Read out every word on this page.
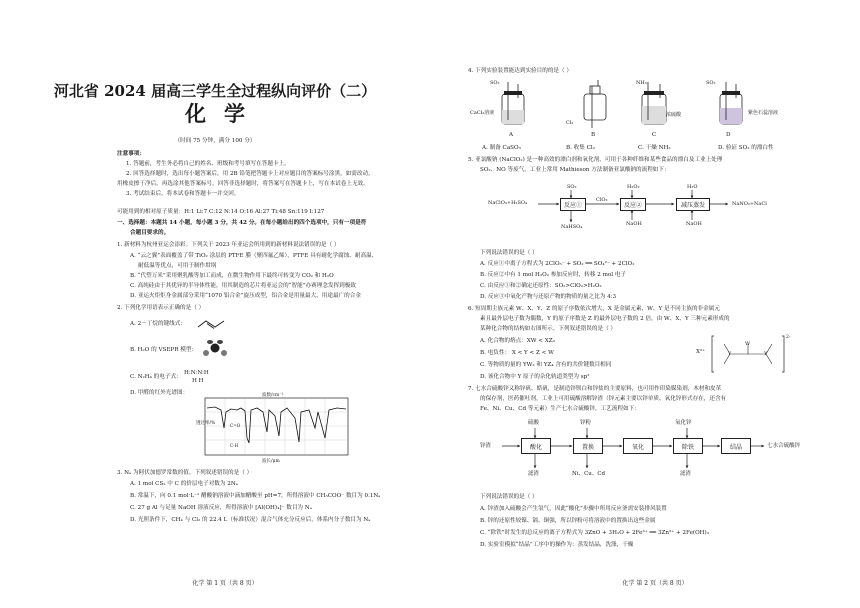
河北省 2024 届高三学生全过程纵向评价（二）
化学
（时间 75 分钟，满分 100 分）
注意事项：
1. 答题前，考生务必将自己的姓名、班级和考号填写在答题卡上。
2. 回答选择题时，选出每小题答案后，用 2B 铅笔把答题卡上对应题目的答案标号涂黑，如需改动，
用橡皮擦干净后，再选涂其他答案标号。回答非选择题时，将答案写在答题卡上，写在本试卷上无效。
3. 考试结束后，将本试卷和答题卡一并交回。
可能用到的相对原子质量：H:1 Li:7 C:12 N:14 O:16 Al:27 Ti:48 Sn:119 I:127
一、选择题：本题共 14 小题，每小题 3 分，共 42 分。在每小题给出的四个选项中，只有一项是符
合题目要求的。
1. 新材料为杭州亚运会添彩。下列关于 2023 年亚运会所用到的新材料说法错误的是（ ）
A. “云之翼”表面覆盖了带 TiO₂ 涂层的 PTFE 膜（聚四氟乙烯），PTFE 具有耐化学腐蚀、耐高温、
耐低温等优点，可用于制作坩埚
B. “代塑万米”采用聚乳酸等加工而成，在微生物作用下最终可转变为 CO₂ 和 H₂O
C. 高纯硅由于其优异的半导体性能，用其制造的芯片将亚运会的“智能”办赛理念发挥到极致
D. 亚运火炬炬身金属部分采用“1070 铝合金”旋压成型，铝合金是用量最大、用途最广的合金
2. 下列化学用语表示正确的是（ ）
A. 2－丁烷的键线式：
B. H₂O 的 VSEPR 模型：
C. N₂H₄ 的电子式：
H:N:N:H
H H
D. 甲醛的红外光谱图：	波数/cm⁻¹
透过率/%	C=O
C-H
波长/μm
3. Nₐ 为阿伏加德罗常数的值。下列叙述错误的是（ ）
A. 1 mol CS₂ 中 C 的价层电子对数为 2Nₐ
B. 常温下，向 0.1 mol·L⁻¹ 醋酸钠溶液中滴加醋酸至 pH=7，所得溶液中 CH₃COO⁻ 数目为 0.1Nₐ
C. 27 g Al 与足量 NaOH 溶液反应，所得溶液中 [Al(OH)₄]⁻ 数目为 Nₐ
D. 光照条件下，CH₄ 与 Cl₂ 的 22.4 L（标准状况）混合气体充分反应后，体系内分子数目为 Nₐ
化学 第 1 页（共 8 页）
4. 下列实验装置能达到实验目的的是（ ）
SO₂
CaCl₂溶液
A
Cl₂
B
NH₃
浓硫酸
C
SO₂
紫色石蕊溶液
D
A. 制备 CaSO₃	B. 收集 Cl₂	C. 干燥 NH₃	D. 验证 SO₂ 的漂白性
5. 亚氯酸钠 (NaClO₂) 是一种高效的漂白剂和氧化剂，可用于各种纤维和某些食品的漂白及工业上处理
SO₂、NO 等废气。工业上常用 Mathieson 方法制备亚氯酸钠的流程如下：
NaClO₃+H₂SO₄	反应①	反应②	减压蒸发
SO₂	H₂O₂	H₂O
ClO₂
NaOH	NaOH
NaHSO₄
NaNO₂+NaCl
下列说法错误的是（ ）
A. 反应①中离子方程式为 2ClO₃⁻ + SO₂ ══ SO₄²⁻ + 2ClO₂
B. 反应②中有 1 mol H₂O₂ 参加反应时，转移 2 mol 电子
C. 由反应①和②确定还原性：SO₂>ClO₂>H₂O₂
D. 反应③中氧化产物与还原产物的物质的量之比为 4:3
6. 短周期主族元素 W、X、Y、Z 的原子序数依次增大，X 是金属元素，W、Y 是不同主族的非金属元
素且最外层电子数为偶数，Y 的原子序数是 Z 的最外层电子数的 2 倍，由 W、X、Y 三种元素形成的
某种化合物的结构如右图所示。下列叙述错误的是（ ）
A. 化合物的熔点：XW < XZ₃
B. 电负性： X < Y < Z < W
C. 等物质的量的 YW₂ 和 YZ₄ 含有的共价键数目相同
D. 该化合物中 Y 原子的杂化轨道类型为 sp²
X²⁺	Y
W
Y
2-
7. 七水合硫酸锌又称锌矾、皓矾，是制造锌钡白和锌盐的主要原料，也可用作印染媒染剂，木材和皮革
的保存剂，医药催吐剂。工业上可用硫酸溶解锌渣（锌元素主要以锌单质、氧化锌形式存在，还含有
Fe、Ni、Cu、Cd 等元素）生产七水合硫酸锌，工艺流程如下：
锌渣
硫酸	锌粉	氧化锌
酸化	置换	氧化	除铁	结晶	七水合硫酸锌
滤渣	Ni、Cu、Cd	滤渣
下列说法错误的是（ ）
A. 锌渣加入硫酸会产生氢气，因此“酸化”步骤中所用反应釜需安装排风装置
B. 锌的还原性较镍、镉、铜强，所以锌粉可将溶液中的置换出这些金属
C. “除铁”时发生的总反应的离子方程式为 3ZnO + 3H₂O + 2Fe³⁺ ══ 3Zn²⁺ + 2Fe(OH)₃
D. 实验室模拟“结晶”工序中的操作为：蒸发结晶，洗涤，干燥
化学 第 2 页（共 8 页）
